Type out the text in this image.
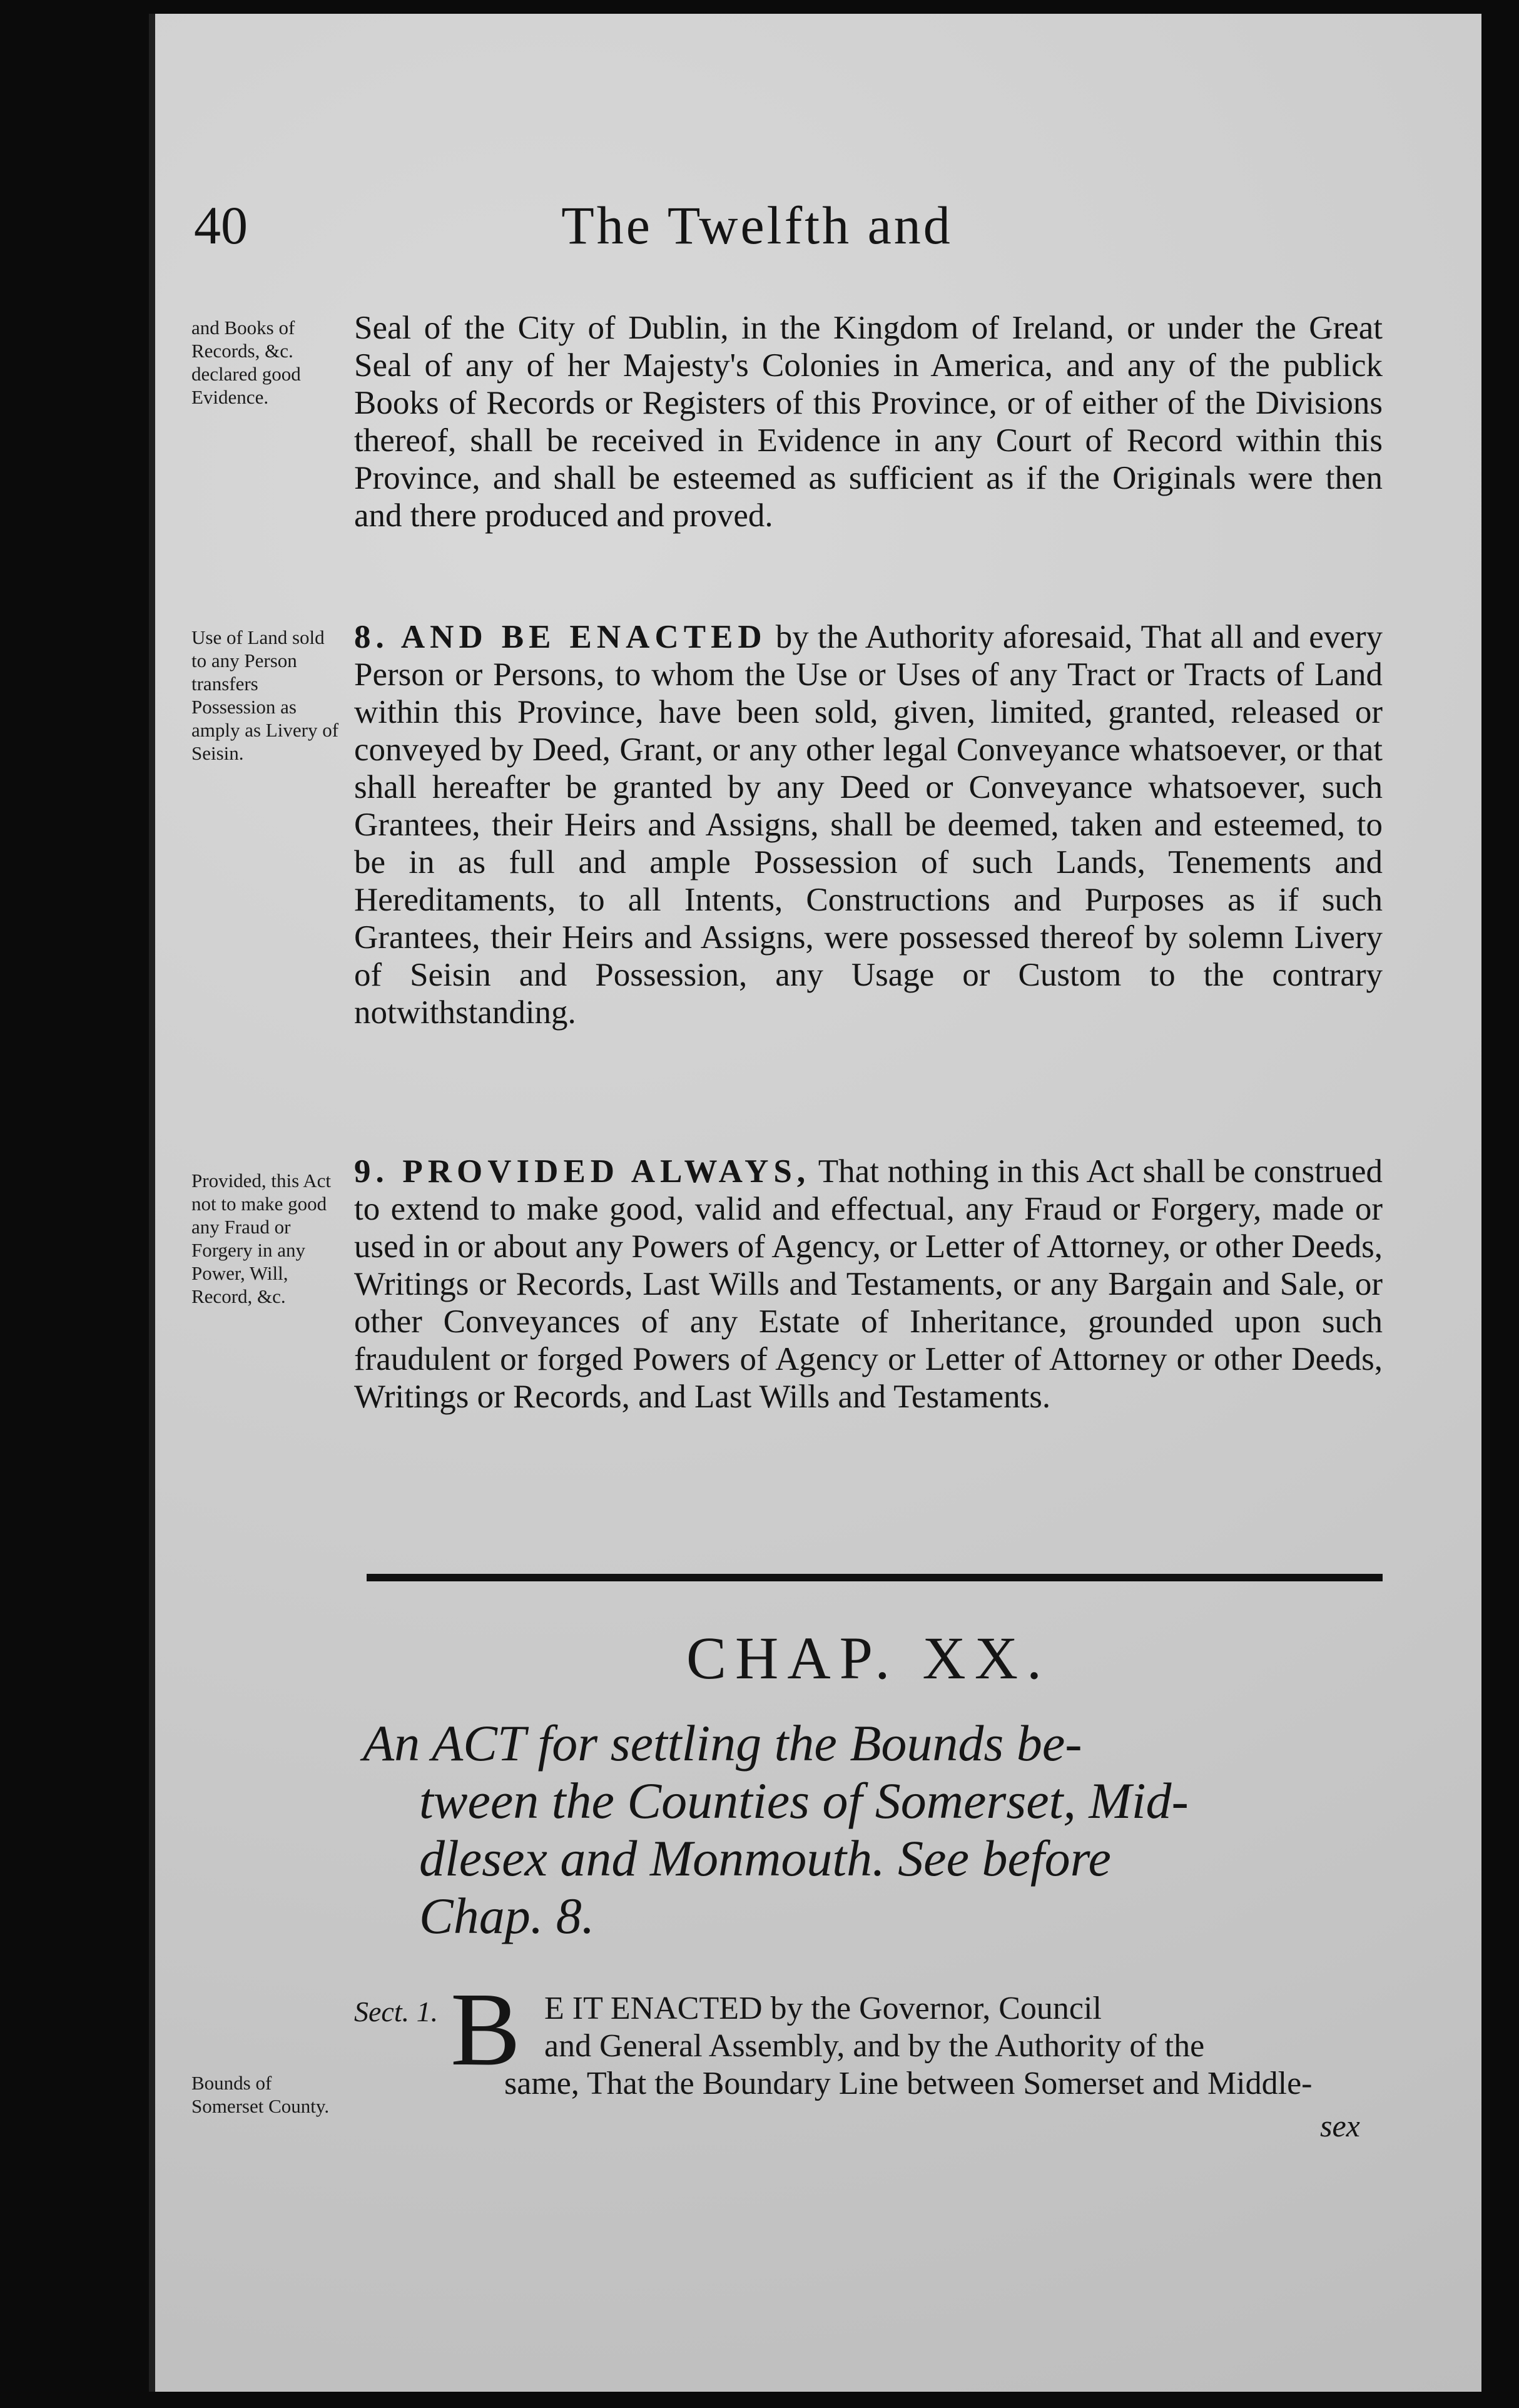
40	The Twelfth and
and Books of Records, &c. declared good Evidence.
Seal of the City of Dublin, in the Kingdom of Ireland, or under the Great Seal of any of her Majesty's Colonies in America, and any of the publick Books of Records or Registers of this Province, or of either of the Divisions thereof, shall be received in Evidence in any Court of Record within this Province, and shall be esteemed as sufficient as if the Originals were then and there produced and proved.
Use of Land sold to any Person transfers Possession as amply as Livery of Seisin.
8. AND BE ENACTED by the Authority aforesaid, That all and every Person or Persons, to whom the Use or Uses of any Tract or Tracts of Land within this Province, have been sold, given, limited, granted, released or conveyed by Deed, Grant, or any other legal Conveyance whatsoever, or that shall hereafter be granted by any Deed or Conveyance whatsoever, such Grantees, their Heirs and Assigns, shall be deemed, taken and esteemed, to be in as full and ample Possession of such Lands, Tenements and Hereditaments, to all Intents, Constructions and Purposes as if such Grantees, their Heirs and Assigns, were possessed thereof by solemn Livery of Seisin and Possession, any Usage or Custom to the contrary notwithstanding.
Provided, this Act not to make good any Fraud or Forgery in any Power, Will, Record, &c.
9. PROVIDED ALWAYS, That nothing in this Act shall be construed to extend to make good, valid and effectual, any Fraud or Forgery, made or used in or about any Powers of Agency, or Letter of Attorney, or other Deeds, Writings or Records, Last Wills and Testaments, or any Bargain and Sale, or other Conveyances of any Estate of Inheritance, grounded upon such fraudulent or forged Powers of Agency or Letter of Attorney or other Deeds, Writings or Records, and Last Wills and Testaments.
CHAP. XX.
An ACT for settling the Bounds be-
tween the Counties of Somerset, Mid-
dlesex and Monmouth. See before
Chap. 8.
Sect. 1. B E IT ENACTED by the Governor, Council
and General Assembly, and by the Authority of the
Bounds of Somerset County.
same, That the Boundary Line between Somerset and Middle-
sex
